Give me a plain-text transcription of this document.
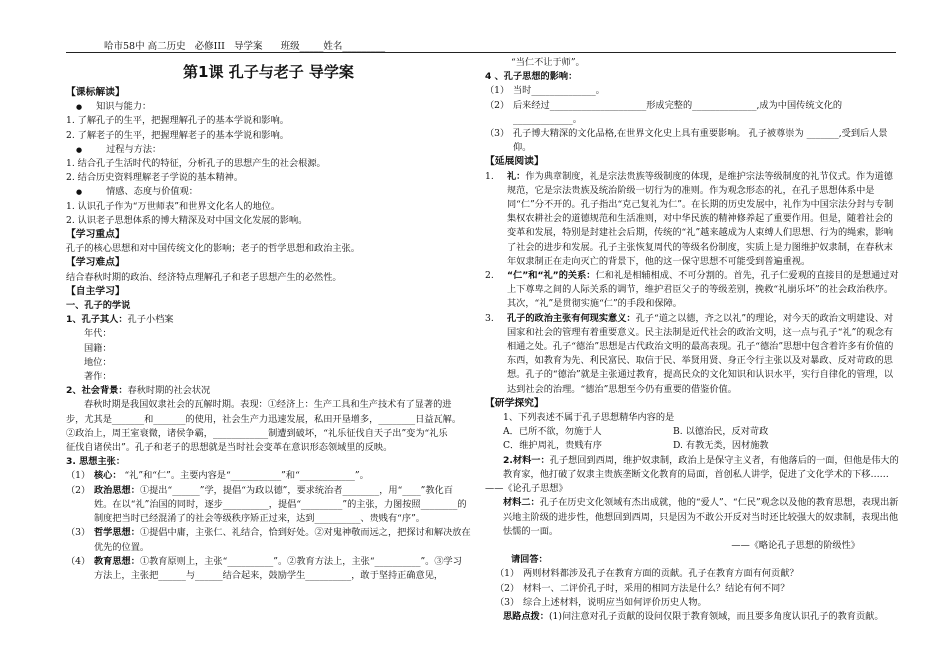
哈市58中 高二历史   必修III   导学案      班级_____姓名_________
第1课 孔子与老子 导学案
【课标解读】
● 知识与能力：
1. 了解孔子的生平，把握理解孔子的基本学说和影响。
2. 了解老子的生平，把握理解老子的基本学说和影响。
● 过程与方法：
1. 结合孔子生活时代的特征，分析孔子的思想产生的社会根源。
2. 结合历史资料理解老子学说的基本精神。
● 情感、态度与价值观：
1. 认识孔子作为“万世师表”和世界文化名人的地位。
2. 认识老子思想体系的博大精深及对中国文化发展的影响。
【学习重点】
孔子的核心思想和对中国传统文化的影响；老子的哲学思想和政治主张。
【学习难点】
结合春秋时期的政治、经济特点理解孔子和老子思想产生的必然性。
【自主学习】
一、孔子的学说
1、孔子其人：孔子小档案
年代：
国籍：
地位：
著作：
2、社会背景：春秋时期的社会状况
春秋时期是我国奴隶社会的瓦解时期。表现：①经济上：生产工具和生产技术有了显著的进
步，尤其是_______和_______的使用，社会生产力迅速发展，私田开垦增多，________日益瓦解。
②政治上，周王室衰微，诸侯争霸，____________制遭到破坏，“礼乐征伐自天子出”变为“礼乐
征伐自诸侯出”。孔子和老子的思想就是当时社会变革在意识形态领域里的反映。
3. 思想主张：
（1） 核心： “礼”和“仁”。主要内容是“___________”和“____________”。
（2） 政治思想：①提出“______”学，提倡“为政以德”，要求统治者________，用“____”教化百姓。在以“礼”治国的同时，逐步__________，提倡“_________”的主张，力图按照________的制度把当时已经混淆了的社会等级秩序矫正过来，达到__________、贵贱有“序”。
（3） 哲学思想：①提倡中庸，主张仁、礼结合，恰到好处。②对鬼神敬而远之，把探讨和解决放在优先的位置。
（4） 教育思想：①教育原则上，主张“__________”。②教育方法上，主张“__________”。③学习方法上，主张把______与______结合起来，鼓励学生__________，敢于坚持正确意见，
“当仁不让于师”。
4 、孔子思想的影响：
（1） 当时______________。
（2） 后来经过_____________________形成完整的______________,成为中国传统文化的_____________。
（3） 孔子博大精深的文化品格,在世界文化史上具有重要影响。 孔子被尊崇为 _______,受到后人景仰。
【延展阅读】
1.	礼：作为典章制度，礼是宗法贵族等级制度的体现，是维护宗法等级制度的礼节仪式。作为道德规范，它是宗法贵族及统治阶级一切行为的准则。作为观念形态的礼，在孔子思想体系中是同“仁”分不开的。孔子指出“克己复礼为仁”。在长期的历史发展中，礼作为中国宗法分封与专制集权农耕社会的道德规范和生活准则，对中华民族的精神修养起了重要作用。但是，随着社会的变革和发展，特别是封建社会后期，传统的“礼”越来越成为人束缚人们思想、行为的绳索，影响了社会的进步和发展。孔子主张恢复周代的等级名份制度，实质上是力图维护奴隶制，在春秋末年奴隶制正在走向灭亡的背景下，他的这一保守思想不可能受到普遍重视。
2.	“仁”和“礼”的关系：仁和礼是相辅相成、不可分割的。首先，孔子仁爱观的直接目的是想通过对上下尊卑之间的人际关系的调节，维护君臣父子的等级差别，挽救“礼崩乐坏”的社会政治秩序。其次，“礼”是贯彻实施“仁”的手段和保障。
3.	孔子的政治主张有何现实意义：孔子“道之以德，齐之以礼”的理论，对今天的政治文明建设、对国家和社会的管理有着重要意义。民主法制是近代社会的政治文明，这一点与孔子“礼”的观念有相通之处。孔子“德治”思想是古代政治文明的最高表现。孔子“德治”思想中包含着许多有价值的东西，如教育为先、利民富民、取信于民、举贤用贤、身正令行主张以及对暴政、反对苛政的思想。孔子的“德治”就是主张通过教育，提高民众的文化知识和认识水平，实行自律化的管理，以达到社会的治理。“德治”思想至今仍有重要的借鉴价值。
【研学探究】
1、下列表述不属于孔子思想精华内容的是
A．已所不欲，勿施于人	B. 以德治民，反对苛政
C．维护周礼，贵贱有序	D. 有教无类，因材施教
2.材料一：孔子想回到西周，维护奴隶制，政治上是保守主义者，有他落后的一面，但他是伟大的教育家，他打破了奴隶主贵族垄断文化教育的局面，首创私人讲学，促进了文化学术的下移……
——《论孔子思想》
材料二：孔子在历史文化领域有杰出成就，他的“爱人”、“仁民”观念以及他的教育思想，表现出新兴地主阶级的进步性，他想回到西周，只是因为不敢公开反对当时还比较强大的奴隶制，表现出他怯懦的一面。
——《略论孔子思想的阶级性》
请回答：
（1） 两则材料都涉及孔子在教育方面的贡献。孔子在教育方面有何贡献？
（2） 材料一、二评价孔子时，采用的相同方法是什么？结论有何不同？
（3） 综合上述材料，说明应当如何评价历史人物。
思路点拨：(1)问注意对孔子贡献的设问仅限于教育领域，而且要多角度认识孔子的教育贡献。
